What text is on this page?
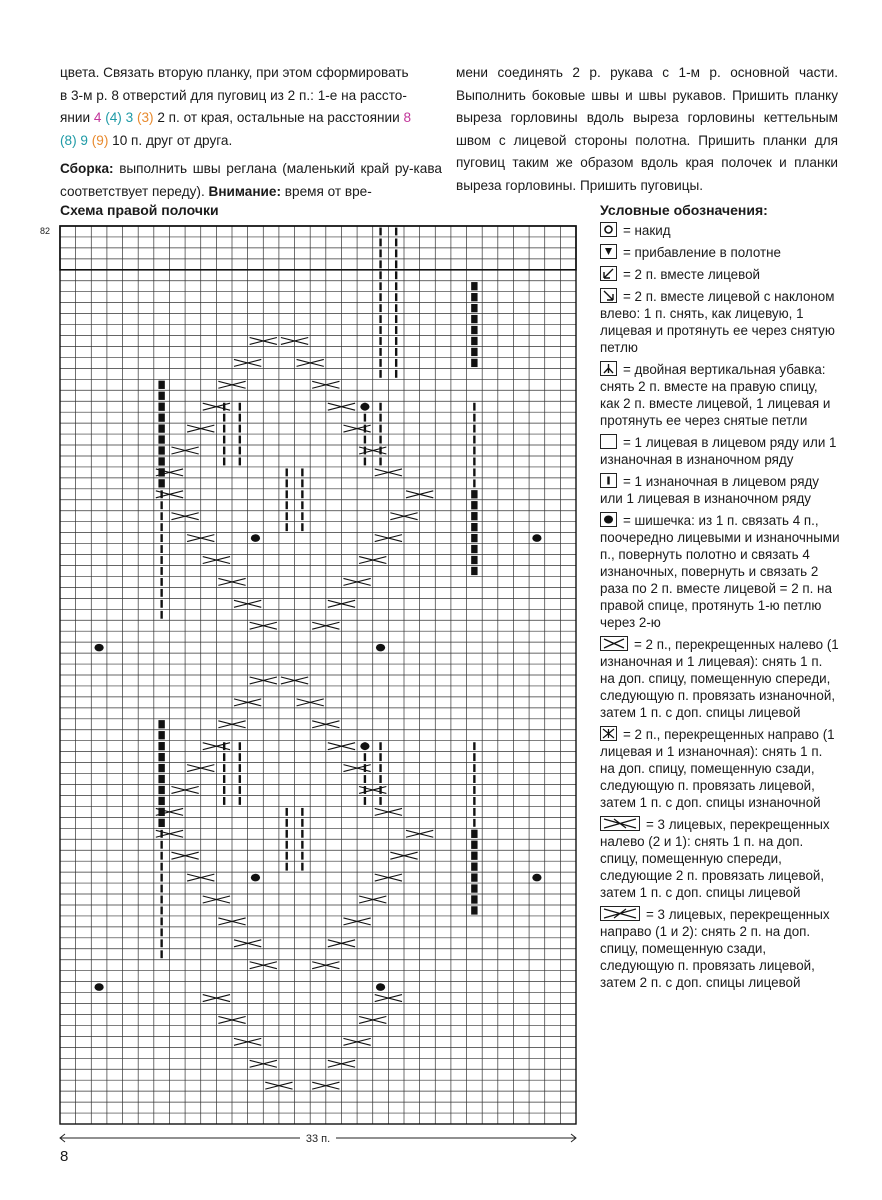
цвета. Связать вторую планку, при этом сформировать

в 3-м р. 8 отверстий для пуговиц из 2 п.: 1-е на рассто-

янии 4 (4) 3 (3) 2 п. от края, остальные на расстоянии 8

(8) 9 (9) 10 п. друг от друга.

Сборка: выполнить швы реглана (маленький край ру-кава соответствует переду). Внимание: время от вре-

мени соединять 2 р. рукава с 1-м р. основной части. Выполнить боковые швы и швы рукавов. Пришить планку выреза горловины вдоль выреза горловины кеттельным швом с лицевой стороны полотна. Пришить планки для пуговиц таким же образом вдоль края полочек и планки выреза горловины. Пришить пуговицы.

Схема правой полочки
82
33 п.
Условные обозначения:
= накид
= прибавление в полотне
= 2 п. вместе лицевой
= 2 п. вместе лицевой с наклоном влево: 1 п. снять, как лицевую, 1 лицевая и протянуть ее через снятую петлю
= двойная вертикальная убавка: снять 2 п. вместе на правую спицу, как 2 п. вместе лицевой, 1 лицевая и протянуть ее через снятые петли
= 1 лицевая в лицевом ряду или 1 изнаночная в изнаночном ряду
= 1 изнаночная в лицевом ряду или 1 лицевая в изнаночном ряду
= шишечка: из 1 п. связать 4 п., поочередно лицевыми и изнаночными п., повернуть полотно и связать 4 изнаночных, повернуть и связать 2 раза по 2 п. вместе лицевой = 2 п. на правой спице, протянуть 1-ю петлю через 2-ю
= 2 п., перекрещенных налево (1 изнаночная и 1 лицевая): снять 1 п. на доп. спицу, помещенную спереди, следующую п. провязать изнаночной, затем 1 п. с доп. спицы лицевой
= 2 п., перекрещенных направо (1 лицевая и 1 изнаночная): снять 1 п. на доп. спицу, помещенную сзади, следующую п. провязать лицевой, затем 1 п. с доп. спицы изнаночной
= 3 лицевых, перекрещенных налево (2 и 1): снять 1 п. на доп. спицу, помещенную спереди, следующие 2 п. провязать лицевой, затем 1 п. с доп. спицы лицевой
= 3 лицевых, перекрещенных направо (1 и 2): снять 2 п. на доп. спицу, помещенную сзади, следующую п. провязать лицевой, затем 2 п. с доп. спицы лицевой
8
